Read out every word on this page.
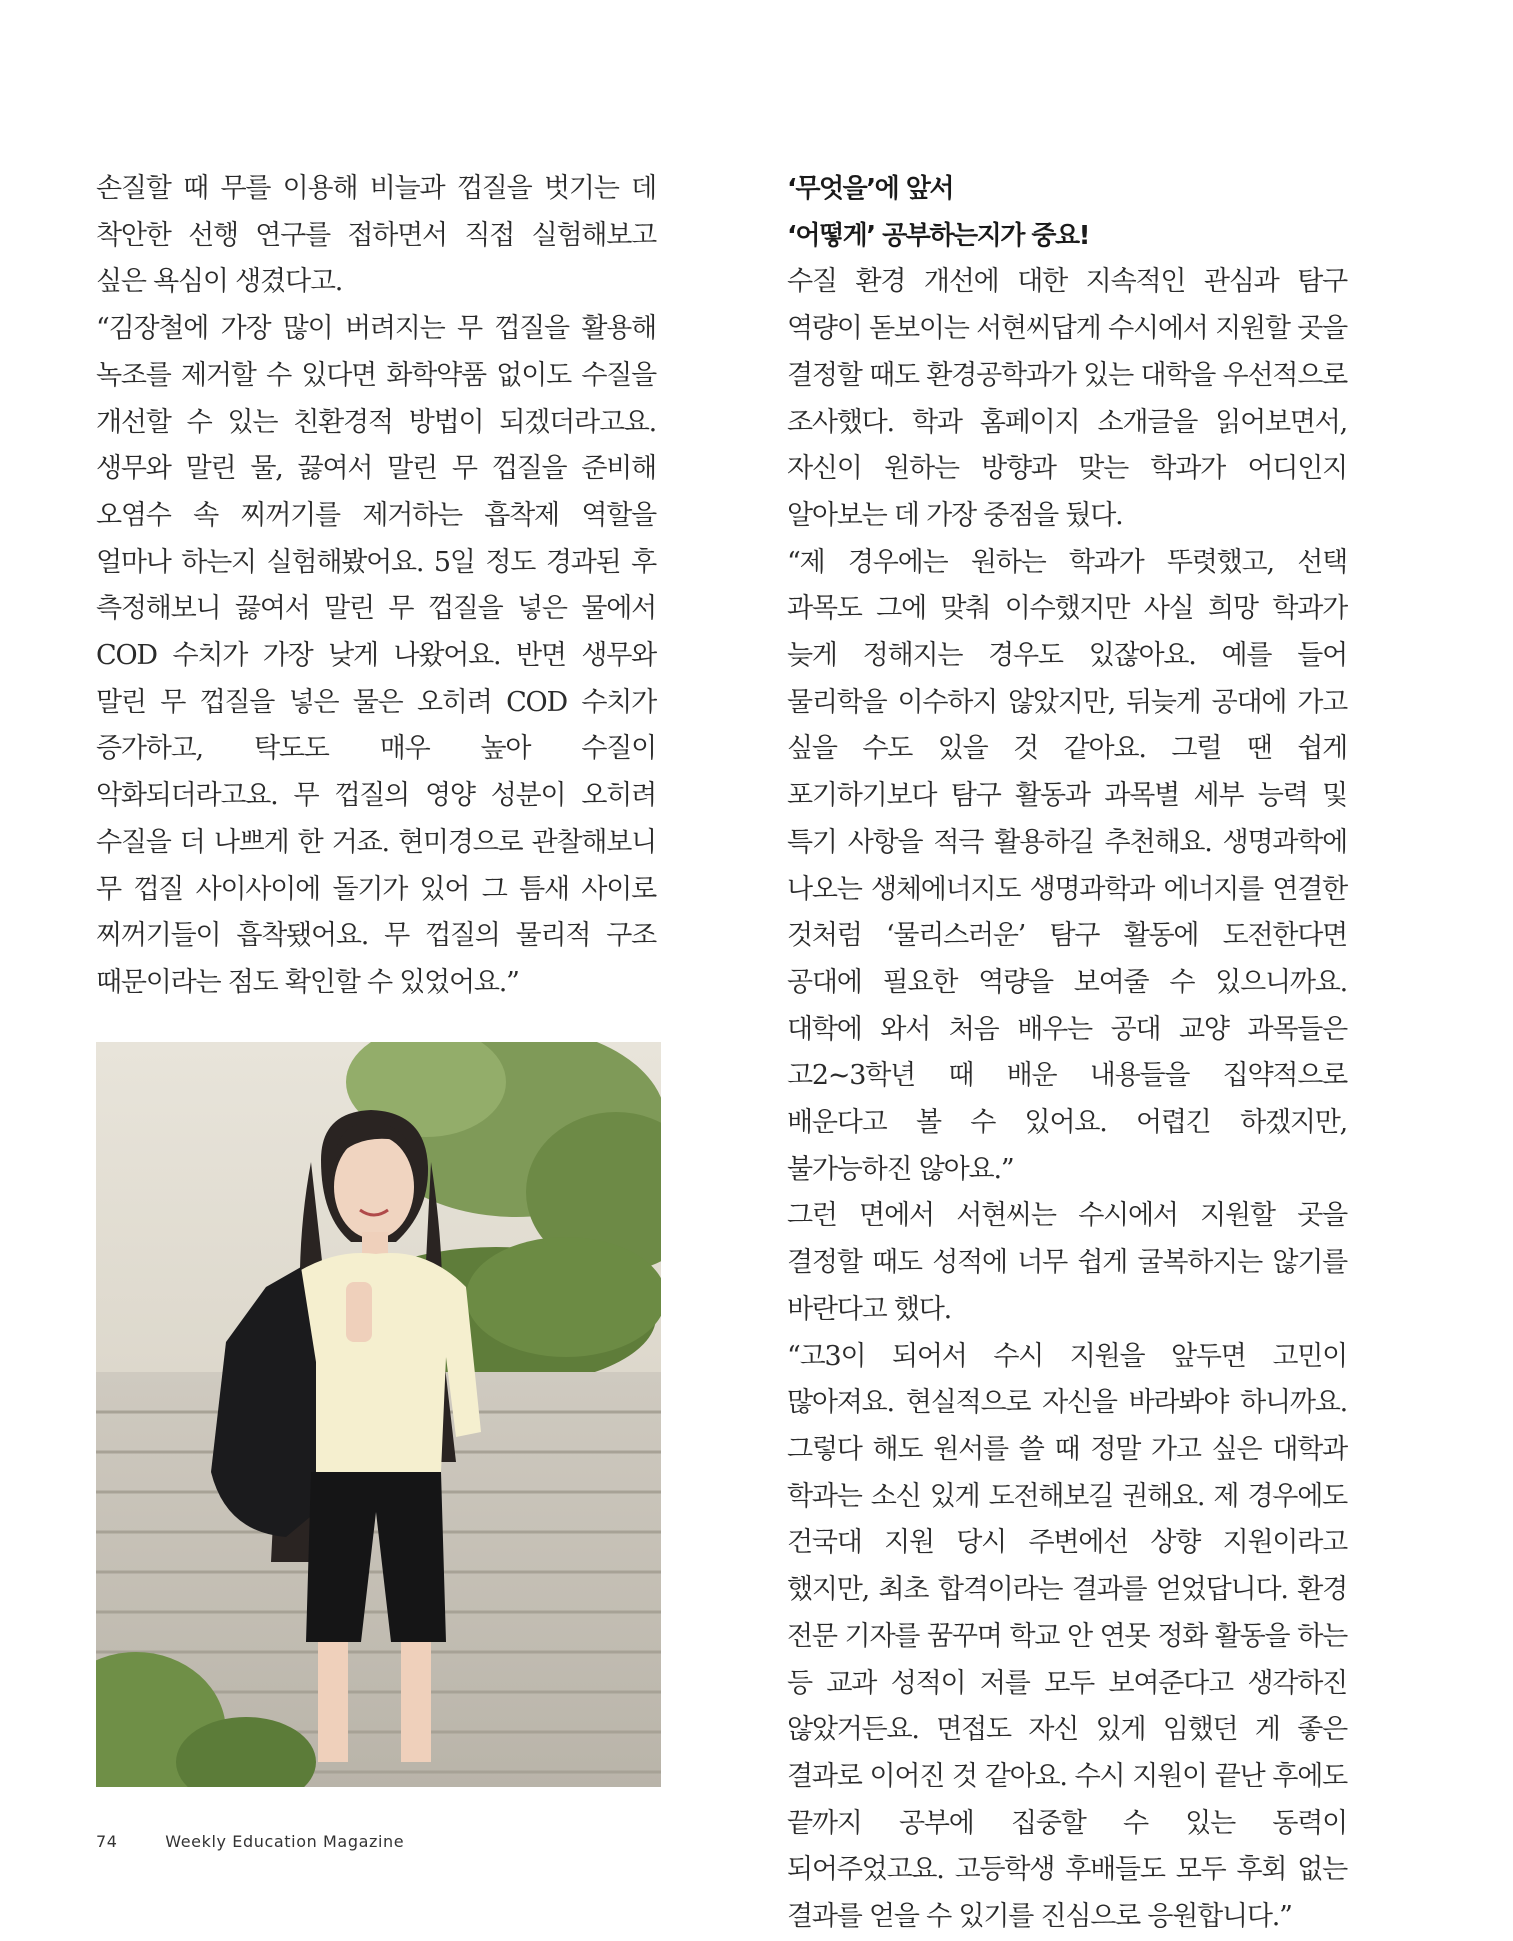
손질할 때 무를 이용해 비늘과 껍질을 벗기는 데 착안한 선행 연구를 접하면서 직접 실험해보고 싶은 욕심이 생겼다고.

“김장철에 가장 많이 버려지는 무 껍질을 활용해 녹조를 제거할 수 있다면 화학약품 없이도 수질을 개선할 수 있는 친환경적 방법이 되겠더라고요. 생무와 말린 물, 끓여서 말린 무 껍질을 준비해 오염수 속 찌꺼기를 제거하는 흡착제 역할을 얼마나 하는지 실험해봤어요. 5일 정도 경과된 후 측정해보니 끓여서 말린 무 껍질을 넣은 물에서 COD 수치가 가장 낮게 나왔어요. 반면 생무와 말린 무 껍질을 넣은 물은 오히려 COD 수치가 증가하고, 탁도도 매우 높아 수질이 악화되더라고요. 무 껍질의 영양 성분이 오히려 수질을 더 나쁘게 한 거죠. 현미경으로 관찰해보니 무 껍질 사이사이에 돌기가 있어 그 틈새 사이로 찌꺼기들이 흡착됐어요. 무 껍질의 물리적 구조 때문이라는 점도 확인할 수 있었어요.”

‘무엇을’에 앞서

‘어떻게’ 공부하는지가 중요!

수질 환경 개선에 대한 지속적인 관심과 탐구 역량이 돋보이는 서현씨답게 수시에서 지원할 곳을 결정할 때도 환경공학과가 있는 대학을 우선적으로 조사했다. 학과 홈페이지 소개글을 읽어보면서, 자신이 원하는 방향과 맞는 학과가 어디인지 알아보는 데 가장 중점을 뒀다.

“제 경우에는 원하는 학과가 뚜렷했고, 선택 과목도 그에 맞춰 이수했지만 사실 희망 학과가 늦게 정해지는 경우도 있잖아요. 예를 들어 물리학을 이수하지 않았지만, 뒤늦게 공대에 가고 싶을 수도 있을 것 같아요. 그럴 땐 쉽게 포기하기보다 탐구 활동과 과목별 세부 능력 및 특기 사항을 적극 활용하길 추천해요. 생명과학에 나오는 생체에너지도 생명과학과 에너지를 연결한 것처럼 ‘물리스러운’ 탐구 활동에 도전한다면 공대에 필요한 역량을 보여줄 수 있으니까요. 대학에 와서 처음 배우는 공대 교양 과목들은 고2~3학년 때 배운 내용들을 집약적으로 배운다고 볼 수 있어요. 어렵긴 하겠지만, 불가능하진 않아요.”

그런 면에서 서현씨는 수시에서 지원할 곳을 결정할 때도 성적에 너무 쉽게 굴복하지는 않기를 바란다고 했다.

“고3이 되어서 수시 지원을 앞두면 고민이 많아져요. 현실적으로 자신을 바라봐야 하니까요. 그렇다 해도 원서를 쓸 때 정말 가고 싶은 대학과 학과는 소신 있게 도전해보길 권해요. 제 경우에도 건국대 지원 당시 주변에선 상향 지원이라고 했지만, 최초 합격이라는 결과를 얻었답니다. 환경 전문 기자를 꿈꾸며 학교 안 연못 정화 활동을 하는 등 교과 성적이 저를 모두 보여준다고 생각하진 않았거든요. 면접도 자신 있게 임했던 게 좋은 결과로 이어진 것 같아요. 수시 지원이 끝난 후에도 끝까지 공부에 집중할 수 있는 동력이 되어주었고요. 고등학생 후배들도 모두 후회 없는 결과를 얻을 수 있기를 진심으로 응원합니다.”

74	Weekly Education Magazine
